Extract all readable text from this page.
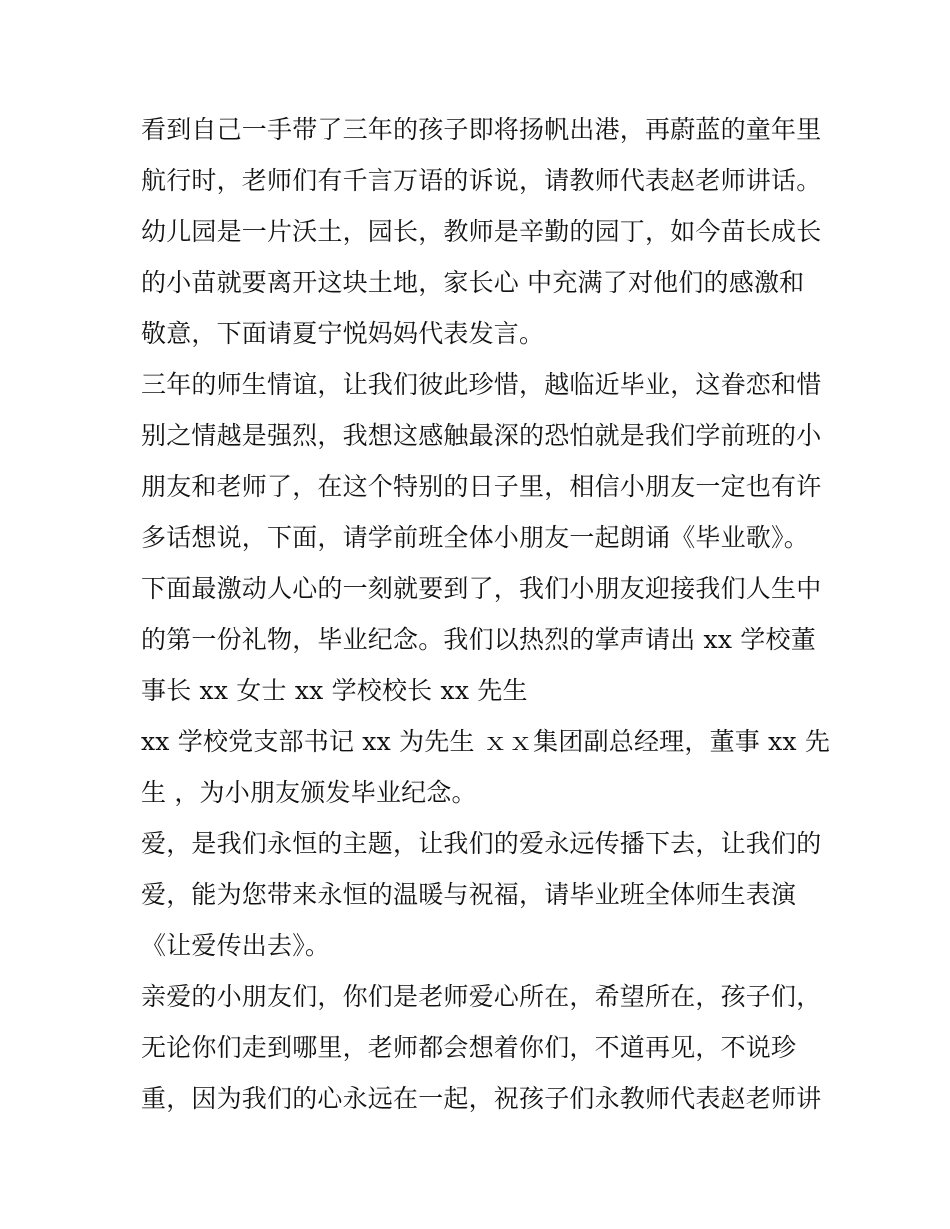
看到自己一手带了三年的孩子即将扬帆出港，再蔚蓝的童年里
航行时，老师们有千言万语的诉说，请教师代表赵老师讲话。
幼儿园是一片沃土，园长，教师是辛勤的园丁，如今苗长成长
的小苗就要离开这块土地，家长心 中充满了对他们的感激和
敬意，下面请夏宁悦妈妈代表发言。
三年的师生情谊，让我们彼此珍惜，越临近毕业，这眷恋和惜
别之情越是强烈，我想这感触最深的恐怕就是我们学前班的小
朋友和老师了，在这个特别的日子里，相信小朋友一定也有许
多话想说，下面，请学前班全体小朋友一起朗诵《毕业歌》。
下面最激动人心的一刻就要到了，我们小朋友迎接我们人生中
的第一份礼物，毕业纪念。我们以热烈的掌声请出 xx 学校董
事长 xx 女士 xx 学校校长 xx 先生
xx 学校党支部书记 xx 为先生 ｘｘ集团副总经理，董事 xx 先
生 ，为小朋友颁发毕业纪念。
爱，是我们永恒的主题，让我们的爱永远传播下去，让我们的
爱，能为您带来永恒的温暖与祝福，请毕业班全体师生表演
《让爱传出去》。
亲爱的小朋友们，你们是老师爱心所在，希望所在，孩子们，
无论你们走到哪里，老师都会想着你们，不道再见，不说珍
重，因为我们的心永远在一起，祝孩子们永教师代表赵老师讲
